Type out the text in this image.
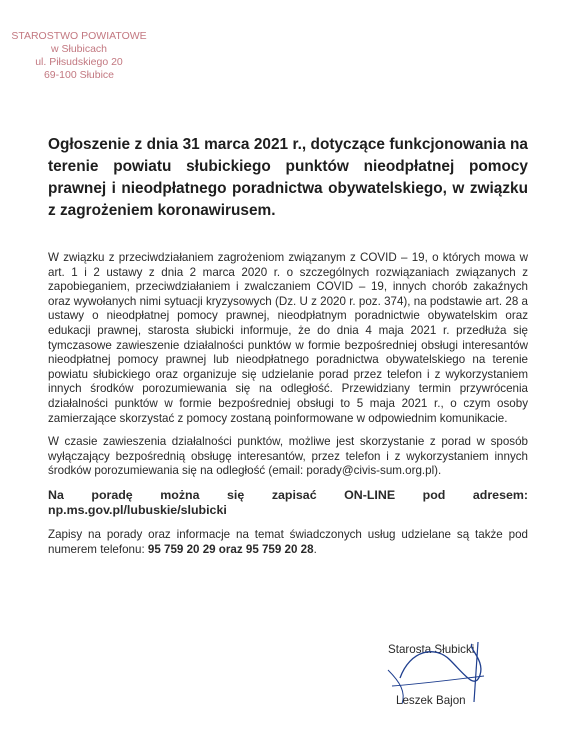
STAROSTWO POWIATOWE
w Słubicach
ul. Piłsudskiego 20
69-100 Słubice
Ogłoszenie z dnia 31 marca 2021 r., dotyczące funkcjonowania na terenie powiatu słubickiego punktów nieodpłatnej pomocy prawnej i nieodpłatnego poradnictwa obywatelskiego, w związku z zagrożeniem koronawirusem.

W związku z przeciwdziałaniem zagrożeniom związanym z COVID – 19, o których mowa w art. 1 i 2 ustawy z dnia 2 marca 2020 r. o szczególnych rozwiązaniach związanych z zapobieganiem, przeciwdziałaniem i zwalczaniem COVID – 19, innych chorób zakaźnych oraz wywołanych nimi sytuacji kryzysowych (Dz. U z 2020 r. poz. 374), na podstawie art. 28 a ustawy o nieodpłatnej pomocy prawnej, nieodpłatnym poradnictwie obywatelskim oraz edukacji prawnej, starosta słubicki informuje, że do dnia 4 maja 2021 r. przedłuża się tymczasowe zawieszenie działalności punktów w formie bezpośredniej obsługi interesantów nieodpłatnej pomocy prawnej lub nieodpłatnego poradnictwa obywatelskiego na terenie powiatu słubickiego oraz organizuje się udzielanie porad przez telefon i z wykorzystaniem innych środków porozumiewania się na odległość. Przewidziany termin przywrócenia działalności punktów w formie bezpośredniej obsługi to 5 maja 2021 r., o czym osoby zamierzające skorzystać z pomocy zostaną poinformowane w odpowiednim komunikacie.

W czasie zawieszenia działalności punktów, możliwe jest skorzystanie z porad w sposób wyłączający bezpośrednią obsługę interesantów, przez telefon i z wykorzystaniem innych środków porozumiewania się na odległość (email: porady@civis-sum.org.pl).

Na poradę można się zapisać ON-LINE pod adresem: np.ms.gov.pl/lubuskie/slubicki

Zapisy na porady oraz informacje na temat świadczonych usług udzielane są także pod numerem telefonu: 95 759 20 29 oraz 95 759 20 28.

Starosta Słubicki
Leszek Bajon
